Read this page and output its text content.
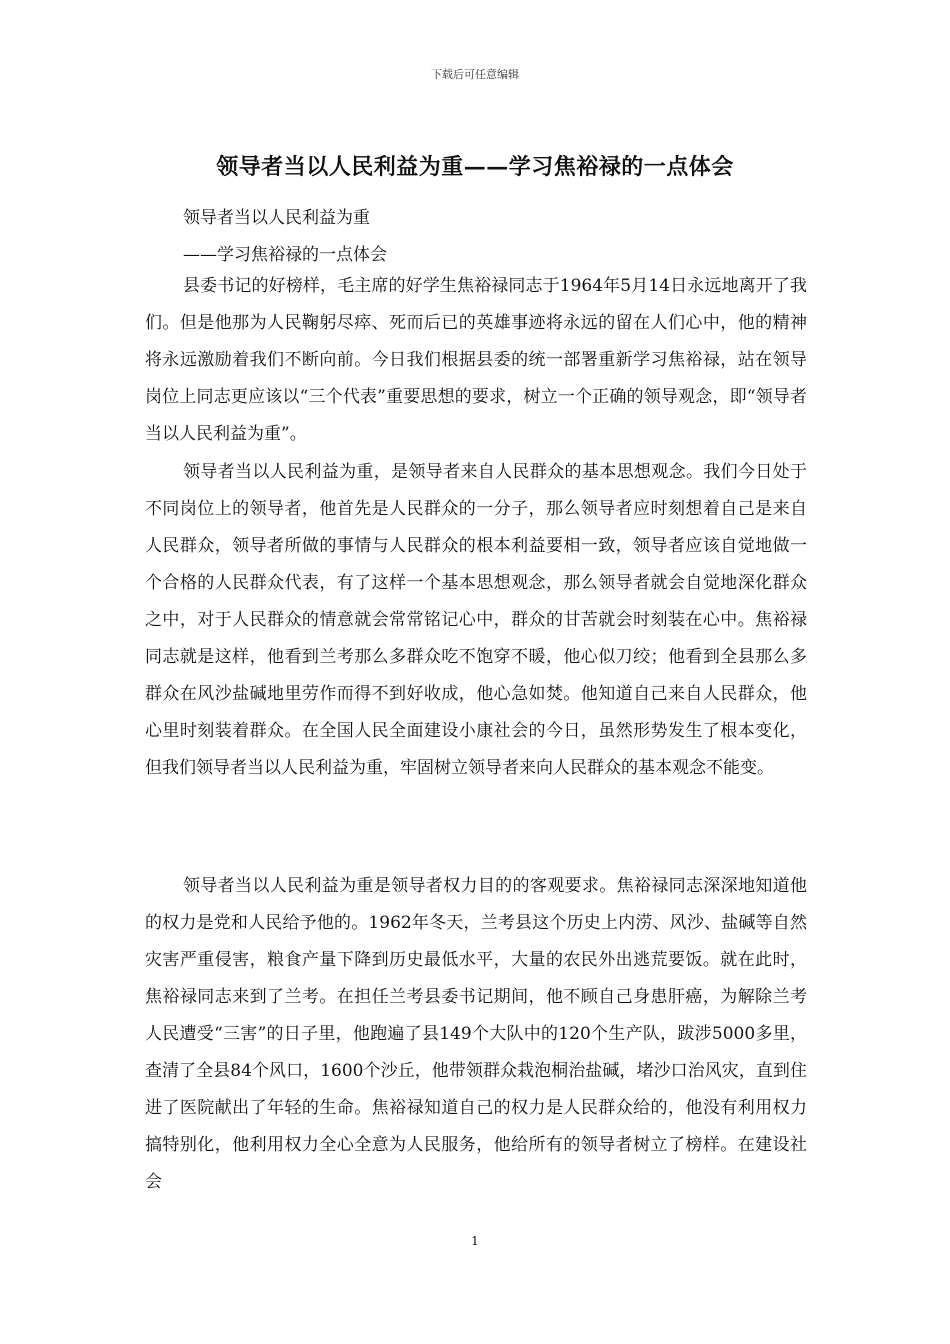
下载后可任意编辑
领导者当以人民利益为重——学习焦裕禄的一点体会
领导者当以人民利益为重
——学习焦裕禄的一点体会

县委书记的好榜样，毛主席的好学生焦裕禄同志于1964年5月14日永远地离开了我们。但是他那为人民鞠躬尽瘁、死而后已的英雄事迹将永远的留在人们心中，他的精神将永远激励着我们不断向前。今日我们根据县委的统一部署重新学习焦裕禄，站在领导岗位上同志更应该以“三个代表”重要思想的要求，树立一个正确的领导观念，即“领导者当以人民利益为重”。

领导者当以人民利益为重，是领导者来自人民群众的基本思想观念。我们今日处于不同岗位上的领导者，他首先是人民群众的一分子，那么领导者应时刻想着自己是来自人民群众，领导者所做的事情与人民群众的根本利益要相一致，领导者应该自觉地做一个合格的人民群众代表，有了这样一个基本思想观念，那么领导者就会自觉地深化群众之中，对于人民群众的情意就会常常铭记心中，群众的甘苦就会时刻装在心中。焦裕禄同志就是这样，他看到兰考那么多群众吃不饱穿不暖，他心似刀绞；他看到全县那么多群众在风沙盐碱地里劳作而得不到好收成，他心急如焚。他知道自己来自人民群众，他心里时刻装着群众。在全国人民全面建设小康社会的今日，虽然形势发生了根本变化，但我们领导者当以人民利益为重，牢固树立领导者来向人民群众的基本观念不能变。

领导者当以人民利益为重是领导者权力目的的客观要求。焦裕禄同志深深地知道他的权力是党和人民给予他的。1962年冬天，兰考县这个历史上内涝、风沙、盐碱等自然灾害严重侵害，粮食产量下降到历史最低水平，大量的农民外出逃荒要饭。就在此时，焦裕禄同志来到了兰考。在担任兰考县委书记期间，他不顾自己身患肝癌，为解除兰考人民遭受“三害”的日子里，他跑遍了县149个大队中的120个生产队，跋涉5000多里，查清了全县84个风口，1600个沙丘，他带领群众栽泡桐治盐碱，堵沙口治风灾，直到住进了医院献出了年轻的生命。焦裕禄知道自己的权力是人民群众给的，他没有利用权力搞特别化，他利用权力全心全意为人民服务，他给所有的领导者树立了榜样。在建设社会

1
